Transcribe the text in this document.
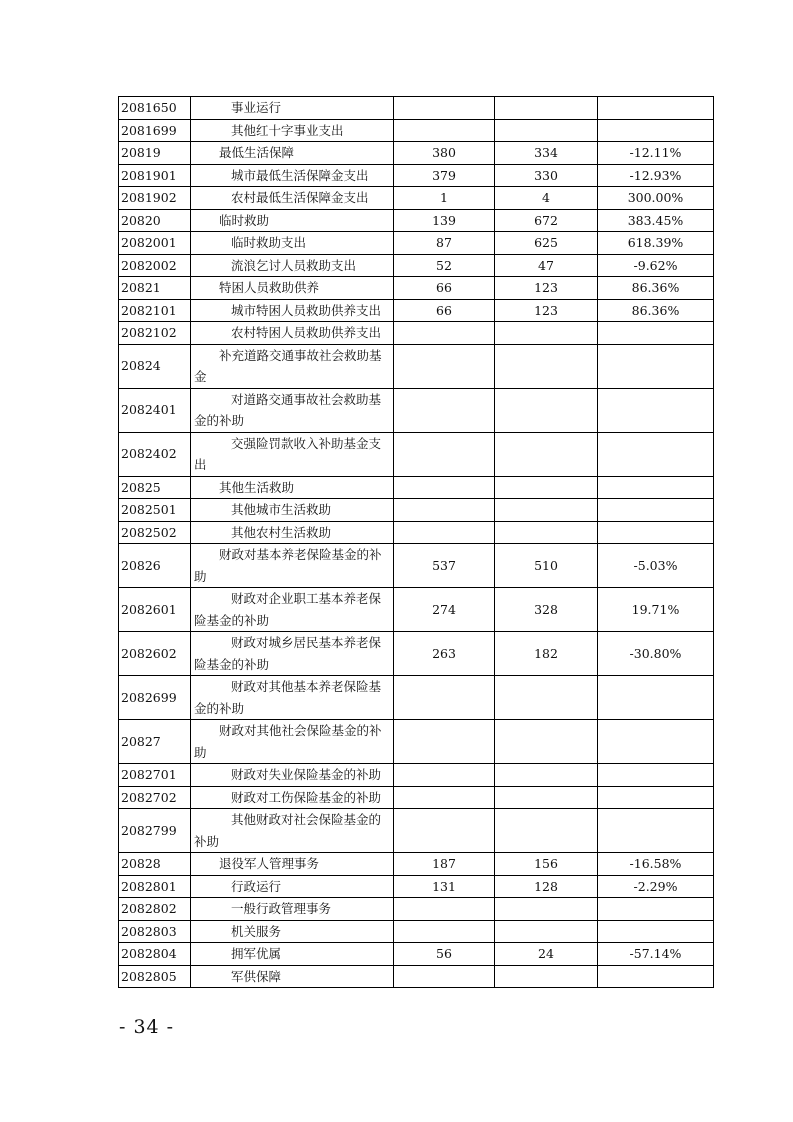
2081650	事业运行			

2081699	其他红十字事业支出			

20819	最低生活保障	380	334	-12.11%
2081901	城市最低生活保障金支出	379	330	-12.93%
2081902	农村最低生活保障金支出	1	4	300.00%
20820	临时救助	139	672	383.45%
2082001	临时救助支出	87	625	618.39%
2082002	流浪乞讨人员救助支出	52	47	-9.62%
20821	特困人员救助供养	66	123	86.36%
2082101	城市特困人员救助供养支出	66	123	86.36%
2082102	农村特困人员救助供养支出			

20824	补充道路交通事故社会救助基金			

2082401	对道路交通事故社会救助基金的补助			

2082402	交强险罚款收入补助基金支出			

20825	其他生活救助			

2082501	其他城市生活救助			

2082502	其他农村生活救助			

20826	财政对基本养老保险基金的补助	537	510	-5.03%
2082601	财政对企业职工基本养老保险基金的补助	274	328	19.71%
2082602	财政对城乡居民基本养老保险基金的补助	263	182	-30.80%
2082699	财政对其他基本养老保险基金的补助			

20827	财政对其他社会保险基金的补助			

2082701	财政对失业保险基金的补助			

2082702	财政对工伤保险基金的补助			

2082799	其他财政对社会保险基金的补助			

20828	退役军人管理事务	187	156	-16.58%
2082801	行政运行	131	128	-2.29%
2082802	一般行政管理事务			

2082803	机关服务			

2082804	拥军优属	56	24	-57.14%
2082805	军供保障			

- 34 -
